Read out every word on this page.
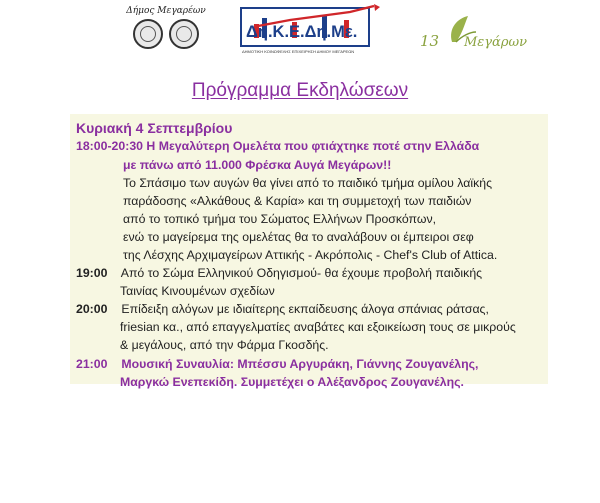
Δήμος Μεγαρέων
Δη.Κ.Ε.Δη.Με.
ΔΗΜΟΤΙΚΗ ΚΟΙΝΩΦΕΛΗΣ ΕΠΙΧΕΙΡΗΣΗ ΔΗΜΟΥ ΜΕΓΑΡΕΩΝ
13 Μεγάρων
Πρόγραμμα Εκδηλώσεων
Κυριακή 4 Σεπτεμβρίου
18:00-20:30 Η Μεγαλύτερη Ομελέτα που φτιάχτηκε ποτέ στην Ελλάδα
με πάνω από 11.000 Φρέσκα Αυγά Μεγάρων!!
Το Σπάσιμο των αυγών θα γίνει από το παιδικό τμήμα ομίλου λαϊκής
παράδοσης «Αλκάθους & Καρία» και τη συμμετοχή των παιδιών
από το τοπικό τμήμα του Σώματος Ελλήνων Προσκόπων,
ενώ το μαγείρεμα της ομελέτας θα το αναλάβουν οι έμπειροι σεφ
της Λέσχης Αρχιμαγείρων Αττικής - Ακρόπολις - Chef's Club of Attica.
19:00 Από το Σώμα Ελληνικού Οδηγισμού- θα έχουμε προβολή παιδικής
Ταινίας Κινουμένων σχεδίων
20:00 Επίδειξη αλόγων με ιδιαίτερης εκπαίδευσης άλογα σπάνιας ράτσας,
friesian κα., από επαγγελματίες αναβάτες και εξοικείωση τους σε μικρούς
& μεγάλους, από την Φάρμα Γκοσδής.
21:00 Μουσική Συναυλία: Μπέσσυ Αργυράκη, Γιάννης Ζουγανέλης,
Μαργκώ Ενεπεκίδη. Συμμετέχει ο Αλέξανδρος Ζουγανέλης.
